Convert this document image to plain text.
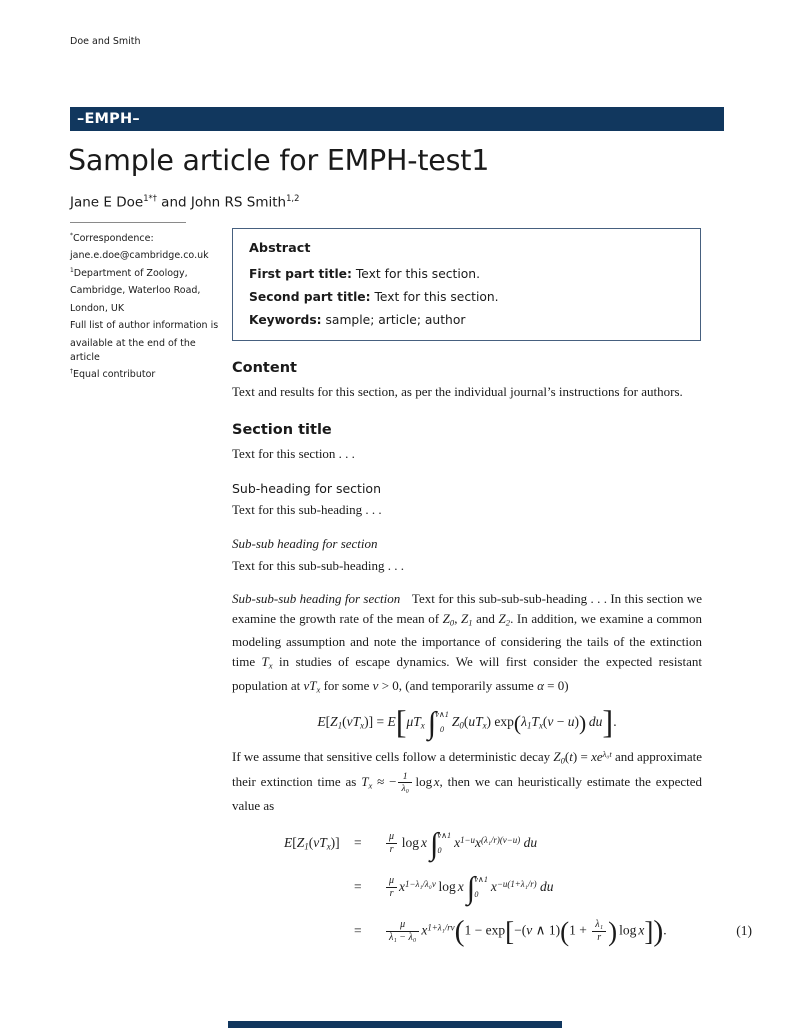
Doe and Smith
–EMPH–
Sample article for EMPH-test1
Jane E Doe$^{1*\dagger}$ and John RS Smith$^{1,2}$
*Correspondence:
jane.e.doe@cambridge.co.uk
$^1$Department of Zoology,
Cambridge, Waterloo Road,
London, UK
Full list of author information is
available at the end of the article
†Equal contributor
Abstract
First part title: Text for this section.
Second part title: Text for this section.
Keywords: sample; article; author
Content

Text and results for this section, as per the individual journal’s instructions for authors.

Section title

Text for this section . . .

Sub-heading for section

Text for this sub-heading . . .

Sub-sub heading for section

Text for this sub-sub-heading . . .

Sub-sub-sub heading for section Text for this sub-sub-sub-heading . . . In this section we examine the growth rate of the mean of Z0, Z1 and Z2. In addition, we examine a common modeling assumption and note the importance of considering the tails of the extinction time Tx in studies of escape dynamics. We will first consider the expected resistant population at vTx for some v > 0, (and temporarily assume α = 0)

E[Z1(vTx)] = E[μTx ∫ v∧1
0
Z0(uTx) exp(λ1Tx(v − u)) du].

If we assume that sensitive cells follow a deterministic decay $Z0(t) = xe^{\lambda_0t}$ and approximate their extinction time as Tx ≈ − $\frac{1}{\text{λ₀}}$ log x, then we can heuristically estimate the expected value as

E[Z1(vTx)]	=	$\frac{\mu}{r}$ log x ∫ v∧1
0
$x^{1-u}x^{(\lambda_1/r)(v-u)}$ du
=	$\frac{\mu}{r} x^{1-\lambda_1/\lambda_0v}$ log x ∫ v∧1
0
$x^{-u(1+\lambda_1/r)}$ du
=	$\frac{\mu}{\text{λ₁ − λ₀}} x^{1+\lambda_1/rv}(1 - \exp[-(v$ ∧ $1)(1 + \frac{\text{λ₁}}{r}$ ) log x]).	(1)
